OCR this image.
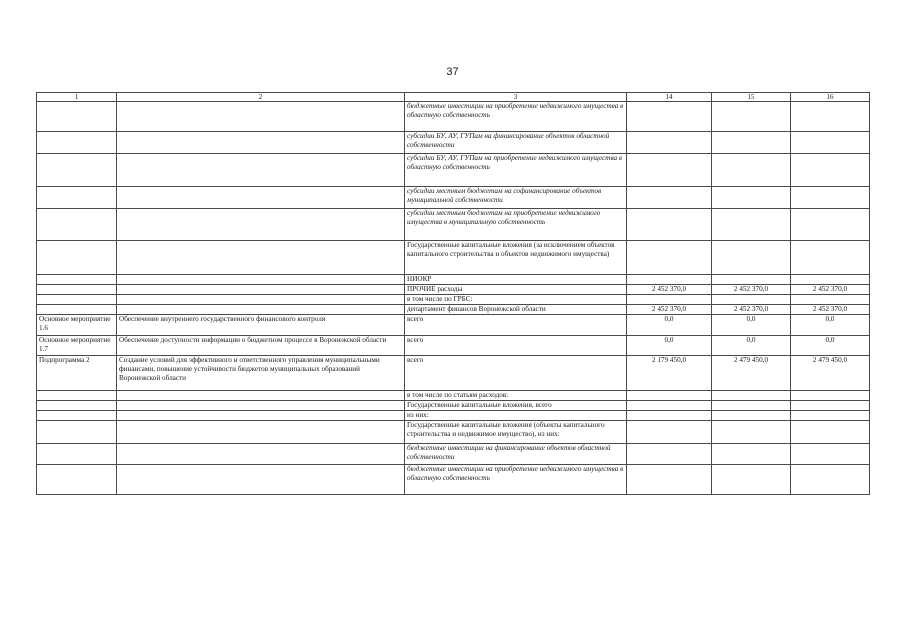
37
1	2	3	14	15	16
		бюджетные инвестиции на приобретение недвижимого имущества в областную собственность			
		субсидии БУ, АУ, ГУПам на финансирование объектов областной собственности			
		субсидии БУ, АУ, ГУПам на приобретение недвижимого имущества в областную собственность			
		субсидии местным бюджетам на софинансирование объектов муниципальной собственности			
		субсидии местным бюджетам на приобретение недвижимого имущества в муниципальную собственность			
		Государственные капитальные вложения (за исключением объектов капитального строительства и объектов недвижимого имущества)			
		НИОКР			
		ПРОЧИЕ расходы	2 452 370,0	2 452 370,0	2 452 370,0
		в том числе по ГРБС:			
		департамент финансов Воронежской области	2 452 370,0	2 452 370,0	2 452 370,0
Основное мероприятие 1.6	Обеспечение внутреннего государственного финансового контроля	всего	0,0	0,0	0,0
Основное мероприятие 1.7	Обеспечение доступности информации о бюджетном процессе в Воронежской области	всего	0,0	0,0	0,0
Подпрограмма 2	Создание условий для эффективного и ответственного управления муниципальными финансами, повышение устойчивости бюджетов муниципальных образований Воронежской области	всего	2 179 450,0	2 479 450,0	2 479 450,0
		в том числе по статьям расходов:			
		Государственные капитальные вложения, всего			
		из них:			
		Государственные капитальные вложения (объекты капитального строительства и недвижимое имущество), из них:			
		бюджетные инвестиции на финансирование объектов областной собственности			
		бюджетные инвестиции на приобретение недвижимого имущества в областную собственность			
